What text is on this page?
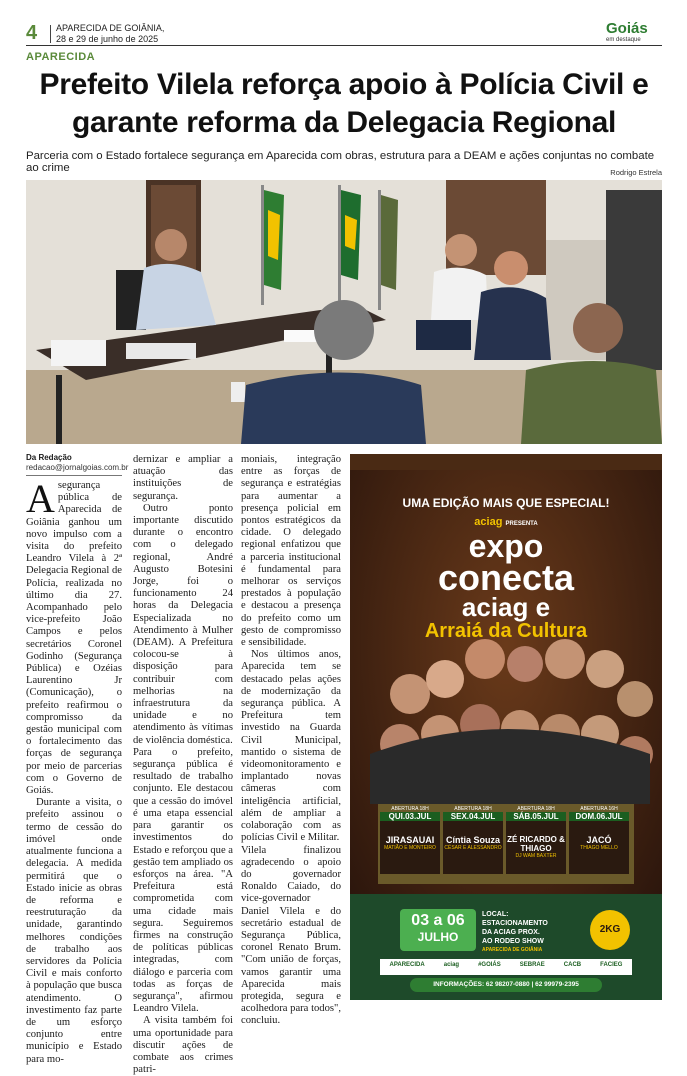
4 APARECIDA DE GOIÂNIA,
28 e 29 de junho de 2025
Goiás
em destaque
APARECIDA
Prefeito Vilela reforça apoio à Polícia Civil e garante reforma da Delegacia Regional
Parceria com o Estado fortalece segurança em Aparecida com obras, estrutura para a DEAM e ações conjuntas no combate ao crime	Rodrigo Estrela
Da Redação
redacao@jornalgoias.com.br

Asegurança pública de Aparecida de Goiânia ganhou um novo impulso com a visita do prefeito Leandro Vilela à 2ª Delegacia Regional de Polícia, realizada no último dia 27. Acompanhado pelo vice-prefeito João Campos e pelos secretários Coronel Godinho (Segurança Pública) e Ozéias Laurentino Jr (Comunicação), o prefeito reafirmou o compromisso da gestão municipal com o fortalecimento das forças de segurança por meio de parcerias com o Governo de Goiás.

Durante a visita, o prefeito assinou o termo de cessão do imóvel onde atualmente funciona a delegacia. A medida permitirá que o Estado inicie as obras de reforma e reestruturação da unidade, garantindo melhores condições de trabalho aos servidores da Polícia Civil e mais conforto à população que busca atendimento. O investimento faz parte de um esforço conjunto entre município e Estado para mo-

dernizar e ampliar a atuação das instituições de segurança.

Outro ponto importante discutido durante o encontro com o delegado regional, André Augusto Botesini Jorge, foi o funcionamento 24 horas da Delegacia Especializada no Atendimento à Mulher (DEAM). A Prefeitura colocou-se à disposição para contribuir com melhorias na infraestrutura da unidade e no atendimento às vítimas de violência doméstica.

Para o prefeito, segurança pública é resultado de trabalho conjunto. Ele destacou que a cessão do imóvel é uma etapa essencial para garantir os investimentos do Estado e reforçou que a gestão tem ampliado os esforços na área. "A Prefeitura está comprometida com uma cidade mais segura. Seguiremos firmes na construção de políticas públicas integradas, com diálogo e parceria com todas as forças de segurança", afirmou Leandro Vilela.

A visita também foi uma oportunidade para discutir ações de combate aos crimes patri-

moniais, integração entre as forças de segurança e estratégias para aumentar a presença policial em pontos estratégicos da cidade. O delegado regional enfatizou que a parceria institucional é fundamental para melhorar os serviços prestados à população e destacou a presença do prefeito como um gesto de compromisso e sensibilidade.

Nos últimos anos, Aparecida tem se destacado pelas ações de modernização da segurança pública. A Prefeitura tem investido na Guarda Civil Municipal, mantido o sistema de videomonitoramento e implantado novas câmeras com inteligência artificial, além de ampliar a colaboração com as polícias Civil e Militar.

Vilela finalizou agradecendo o apoio do governador Ronaldo Caiado, do vice-governador Daniel Vilela e do secretário estadual de Segurança Pública, coronel Renato Brum. "Com união de forças, vamos garantir uma Aparecida mais protegida, segura e acolhedora para todos", concluiu.

UMA EDIÇÃO MAIS QUE ESPECIAL!
aciag PRESENTA
expo
conecta
aciag e
Arraiá da Cultura
ABERTURA 18H
QUI.03.JUL
JIRASAUAI
MATIÃO E MONTEIRO
ABERTURA 18H
SEX.04.JUL
Cíntia Souza
CÉSAR E ALESSANDRO
ABERTURA 18H
SÁB.05.JUL
ZÉ RICARDO & THIAGO
DJ WAM BAXTER
ABERTURA 16H
DOM.06.JUL
JACÓ
THIAGO MELLO
03 a 06
JULHO
LOCAL:
ESTACIONAMENTO
DA ACIAG PROX.
AO RODEO SHOW
APARECIDA DE GOIÂNIA
2KG
APARECIDA	aciag	#GOIÁS	SEBRAE	CACB	FACIEG
INFORMAÇÕES: 62 98207-0880 | 62 99979-2395
